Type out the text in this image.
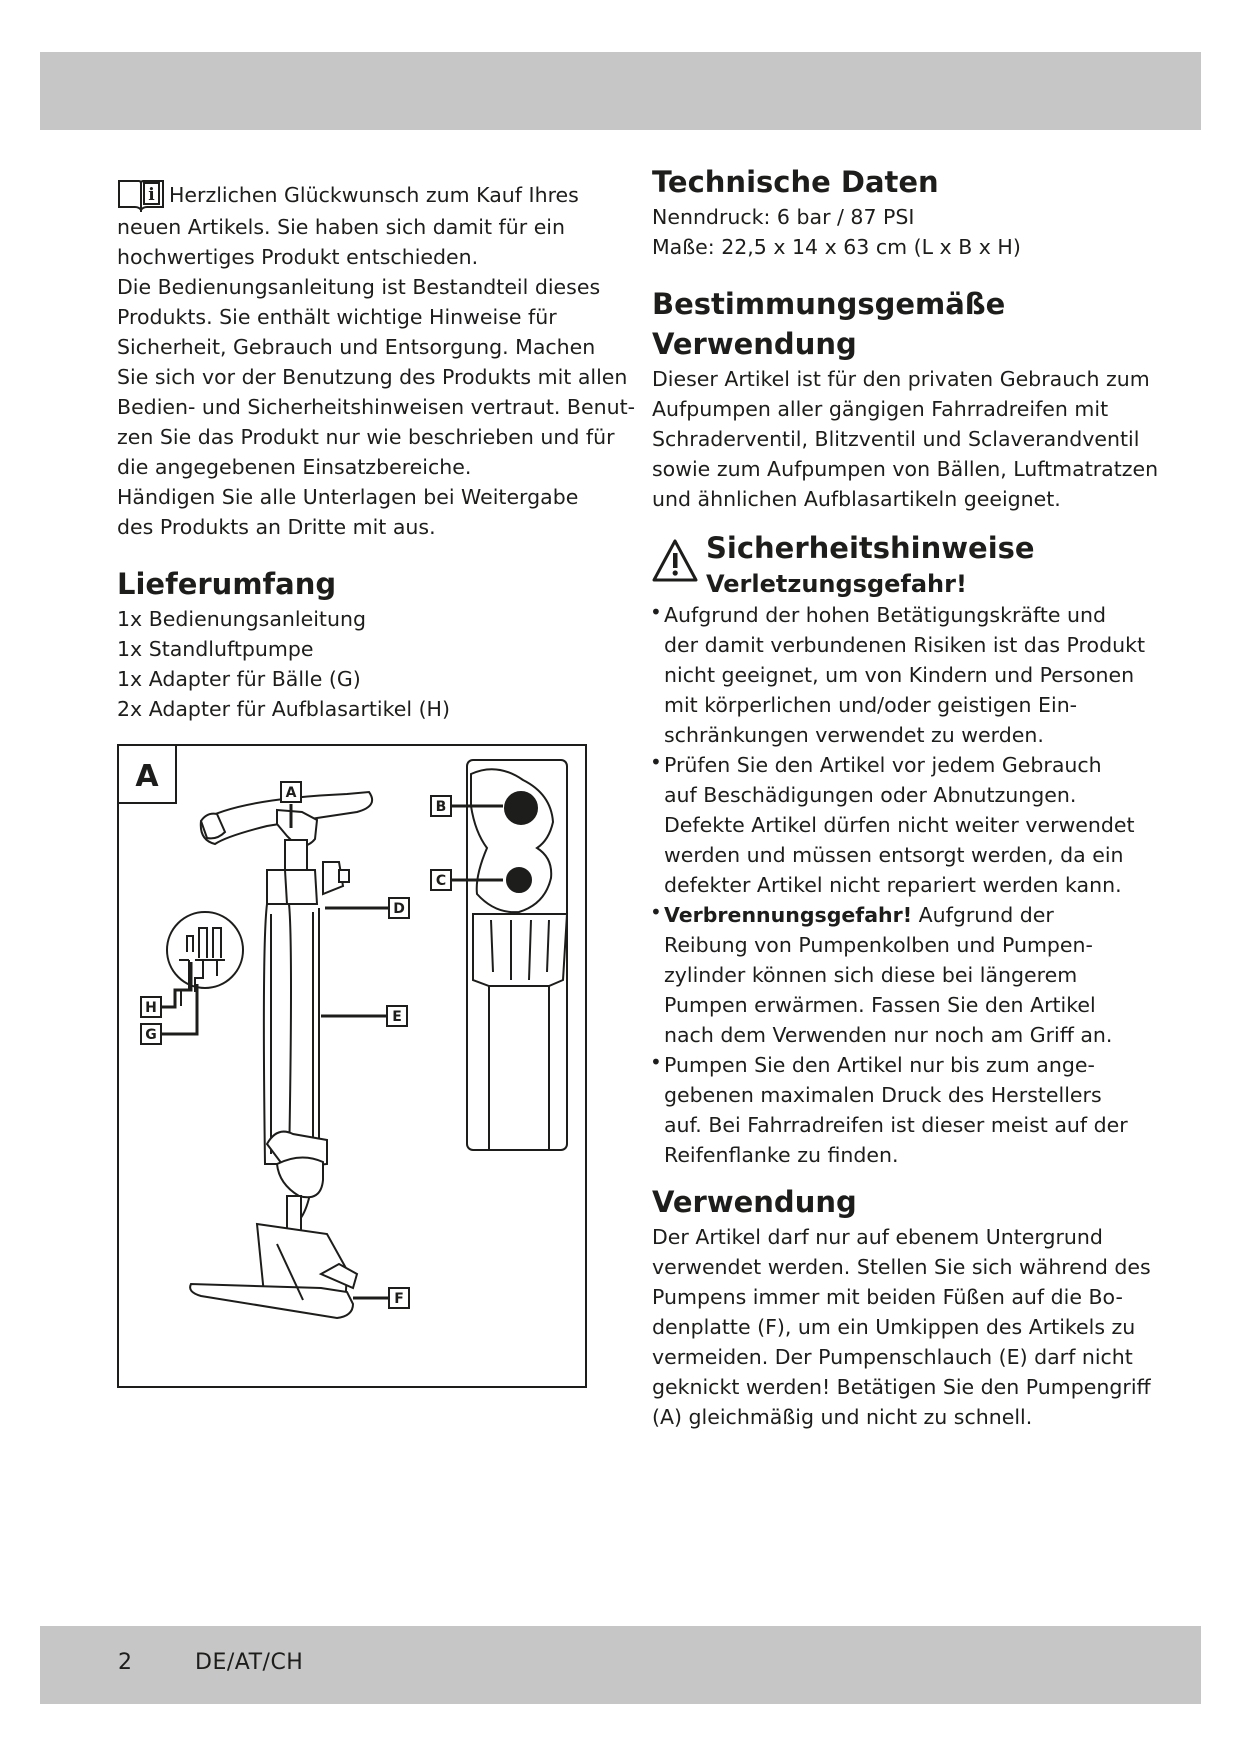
i Herzlichen Glückwunsch zum Kauf Ihres

neuen Artikels. Sie haben sich damit für ein

hochwertiges Produkt entschieden.

Die Bedienungsanleitung ist Bestandteil dieses

Produkts. Sie enthält wichtige Hinweise für

Sicherheit, Gebrauch und Entsorgung. Machen

Sie sich vor der Benutzung des Produkts mit allen

Bedien- und Sicherheitshinweisen vertraut. Benut-

zen Sie das Produkt nur wie beschrieben und für

die angegebenen Einsatzbereiche.

Händigen Sie alle Unterlagen bei Weitergabe

des Produkts an Dritte mit aus.

Lieferumfang

1x Bedienungsanleitung

1x Standluftpumpe

1x Adapter für Bälle (G)

2x Adapter für Aufblasartikel (H)

A	A
B
C
D
E
F
G
H
Technische Daten

Nenndruck: 6 bar / 87 PSI

Maße: 22,5 x 14 x 63 cm (L x B x H)

Bestimmungsgemäße
Verwendung

Dieser Artikel ist für den privaten Gebrauch zum

Aufpumpen aller gängigen Fahrradreifen mit

Schraderventil, Blitzventil und Sclaverandventil

sowie zum Aufpumpen von Bällen, Luftmatratzen

und ähnlichen Aufblasartikeln geeignet.

Sicherheitshinweise
Verletzungsgefahr!
• Aufgrund der hohen Betätigungskräfte und
der damit verbundenen Risiken ist das Produkt
nicht geeignet, um von Kindern und Personen
mit körperlichen und/oder geistigen Ein-
schränkungen verwendet zu werden.
• Prüfen Sie den Artikel vor jedem Gebrauch
auf Beschädigungen oder Abnutzungen.
Defekte Artikel dürfen nicht weiter verwendet
werden und müssen entsorgt werden, da ein
defekter Artikel nicht repariert werden kann.
• Verbrennungsgefahr! Aufgrund der
Reibung von Pumpenkolben und Pumpen-
zylinder können sich diese bei längerem
Pumpen erwärmen. Fassen Sie den Artikel
nach dem Verwenden nur noch am Griff an.
• Pumpen Sie den Artikel nur bis zum ange-
gebenen maximalen Druck des Herstellers
auf. Bei Fahrradreifen ist dieser meist auf der
Reifenflanke zu finden.
Verwendung

Der Artikel darf nur auf ebenem Untergrund

verwendet werden. Stellen Sie sich während des

Pumpens immer mit beiden Füßen auf die Bo-

denplatte (F), um ein Umkippen des Artikels zu

vermeiden. Der Pumpenschlauch (E) darf nicht

geknickt werden! Betätigen Sie den Pumpengriff

(A) gleichmäßig und nicht zu schnell.

2	DE/AT/CH
